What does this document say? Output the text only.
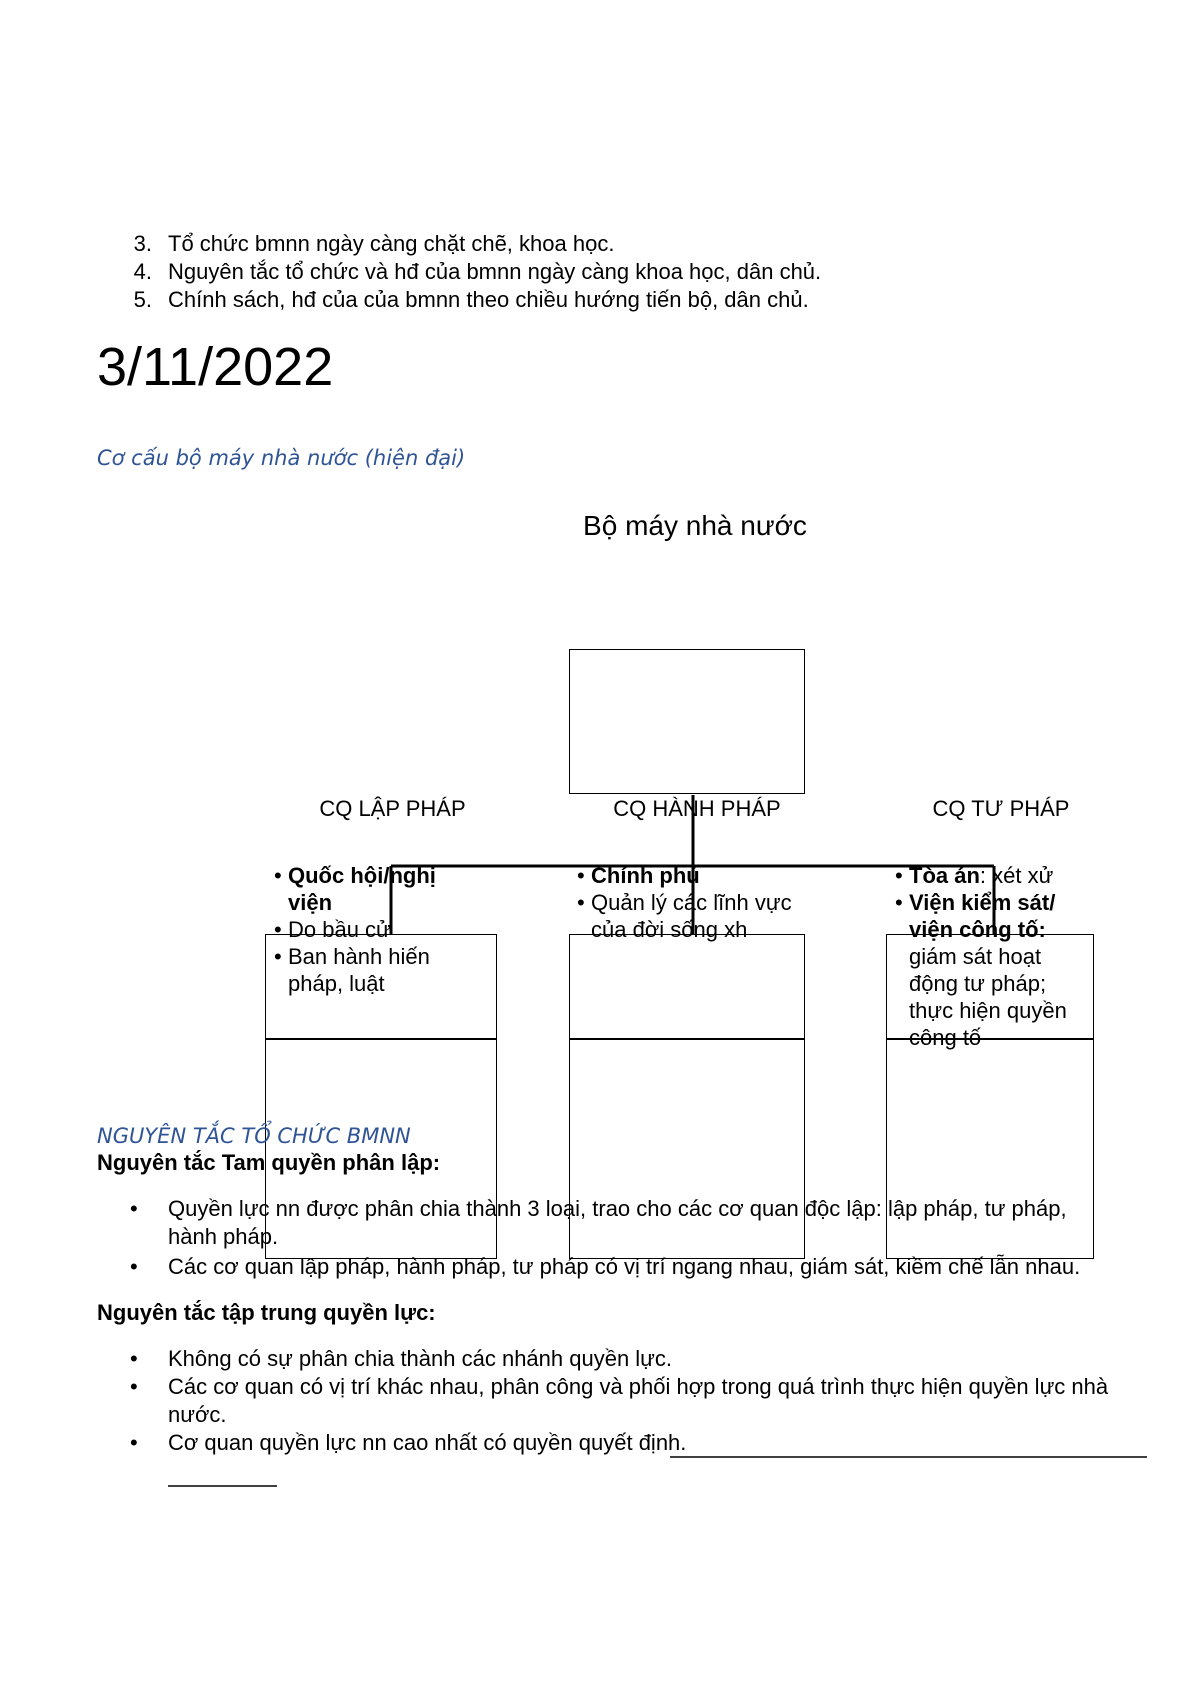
3. Tổ chức bmnn ngày càng chặt chẽ, khoa học.
4. Nguyên tắc tổ chức và hđ của bmnn ngày càng khoa học, dân chủ.
5. Chính sách, hđ của của bmnn theo chiều hướng tiến bộ, dân chủ.
3/11/2022
Cơ cấu bộ máy nhà nước (hiện đại)
Bộ máy nhà nước
CQ LẬP PHÁP	CQ HÀNH PHÁP	CQ TƯ PHÁP
• Quốc hội/nghị viện
• Do bầu cử
• Ban hành hiến pháp, luật
• Chính phủ
• Quản lý các lĩnh vực của đời sống xh
• Tòa án: xét xử
• Viện kiểm sát/ viện công tố: giám sát hoạt động tư pháp; thực hiện quyền công tố
NGUYÊN TẮC TỔ CHỨC BMNN
Nguyên tắc Tam quyền phân lập:
• Quyền lực nn được phân chia thành 3 loại, trao cho các cơ quan độc lập: lập pháp, tư pháp, hành pháp.
• Các cơ quan lập pháp, hành pháp, tư pháp có vị trí ngang nhau, giám sát, kiềm chế lẫn nhau.
Nguyên tắc tập trung quyền lực:
• Không có sự phân chia thành các nhánh quyền lực.
• Các cơ quan có vị trí khác nhau, phân công và phối hợp trong quá trình thực hiện quyền lực nhà nước.
• Cơ quan quyền lực nn cao nhất có quyền quyết định.
